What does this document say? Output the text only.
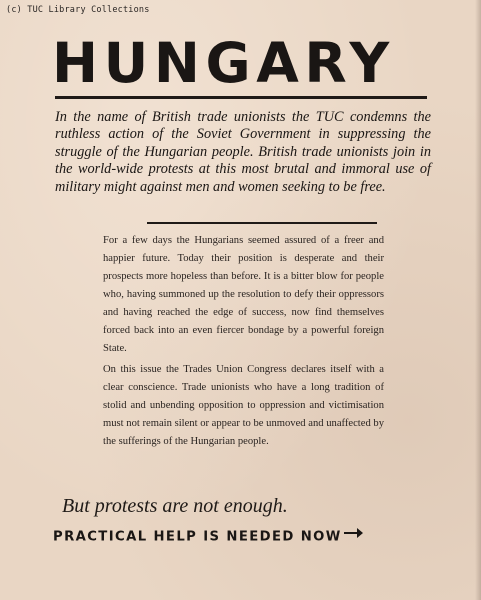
(c) TUC Library Collections
HUNGARY

In the name of British trade unionists the TUC condemns the ruthless action of the Soviet Government in suppressing the struggle of the Hungarian people. British trade unionists join in the world-wide protests at this most brutal and immoral use of military might against men and women seeking to be free.

For a few days the Hungarians seemed assured of a freer and happier future. Today their position is desperate and their prospects more hopeless than before. It is a bitter blow for people who, having summoned up the resolution to defy their oppressors and having reached the edge of success, now find themselves forced back into an even fiercer bondage by a powerful foreign State.

On this issue the Trades Union Congress declares itself with a clear conscience. Trade unionists who have a long tradition of stolid and unbending opposition to oppression and victimisation must not remain silent or appear to be unmoved and unaffected by the sufferings of the Hungarian people.

But protests are not enough.

PRACTICAL HELP IS NEEDED NOW
